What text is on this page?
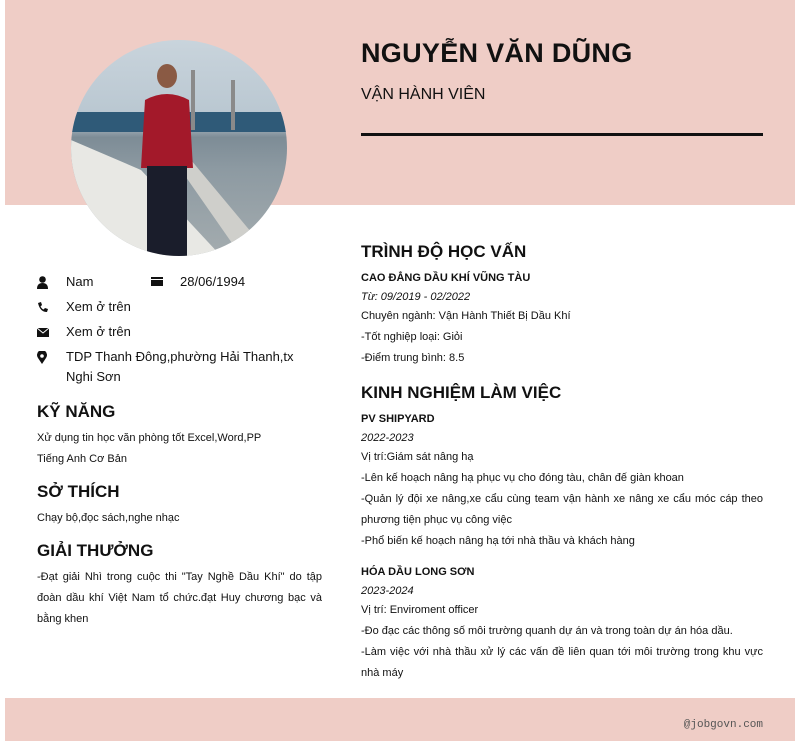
NGUYỄN VĂN DŨNG
VẬN HÀNH VIÊN
Nam	28/06/1994
Xem ở trên
Xem ở trên
TDP Thanh Đông,phường Hải Thanh,tx Nghi Sơn
KỸ NĂNG
Xử dụng tin học văn phòng tốt Excel,Word,PP
Tiếng Anh Cơ Bản
SỞ THÍCH
Chạy bộ,đọc sách,nghe nhạc
GIẢI THƯỞNG
-Đạt giải Nhì trong cuộc thi "Tay Nghề Dầu Khí" do tập đoàn dầu khí Việt Nam tổ chức.đạt Huy chương bạc và bằng khen
TRÌNH ĐỘ HỌC VẤN
CAO ĐẲNG DẦU KHÍ VŨNG TÀU
Từ: 09/2019 - 02/2022
Chuyên ngành: Vận Hành Thiết Bị Dầu Khí
-Tốt nghiệp loại: Giỏi
-Điểm trung bình: 8.5
KINH NGHIỆM LÀM VIỆC
PV SHIPYARD
2022-2023
Vị trí:Giám sát nâng hạ
-Lên kế hoạch nâng hạ phục vụ cho đóng tàu, chân đế giàn khoan
-Quản lý đội xe nâng,xe cẩu cùng team vận hành xe nâng xe cẩu móc cáp theo phương tiện phục vụ công việc
-Phổ biến kế hoạch nâng hạ tới nhà thầu và khách hàng
HÓA DẦU LONG SƠN
2023-2024
Vị trí: Enviroment officer
-Đo đạc các thông số môi trường quanh dự án và trong toàn dự án hóa dầu.
-Làm việc với nhà thầu xử lý các vấn đề liên quan tới môi trường trong khu vực nhà máy
@jobgovn.com
